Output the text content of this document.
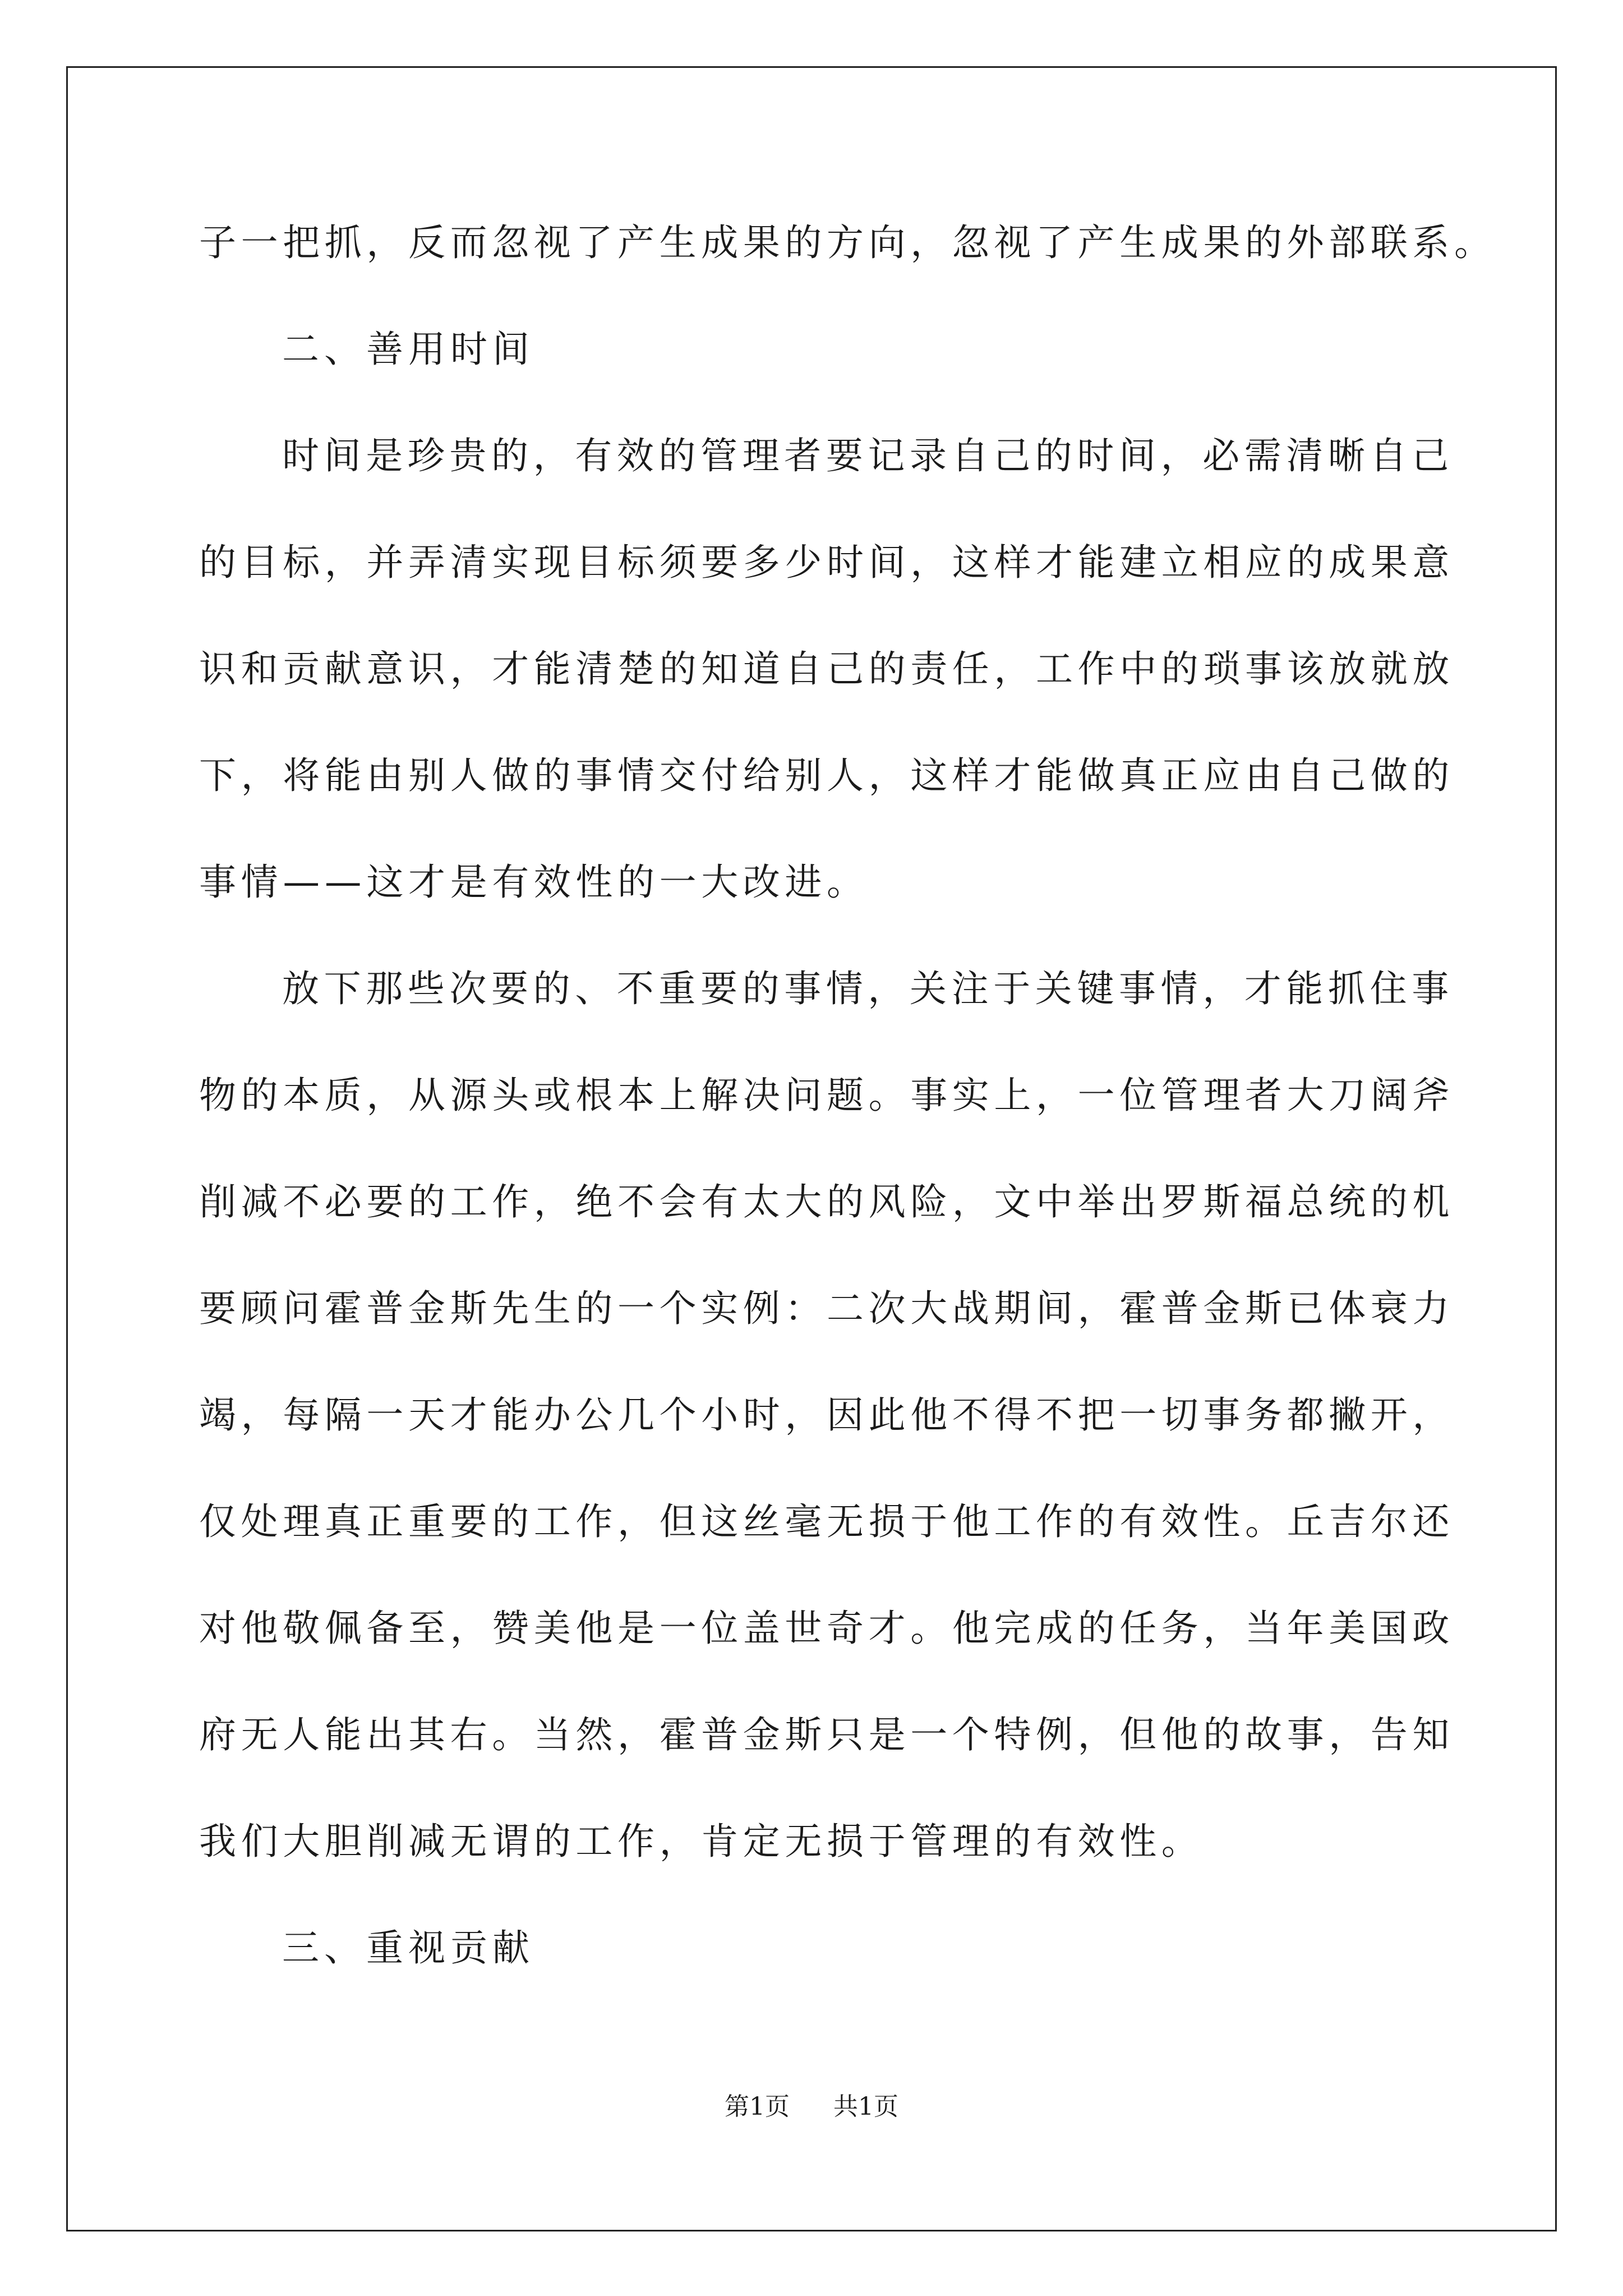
子一把抓，反而忽视了产生成果的方向，忽视了产生成果的外部联系。
二、善用时间
时间是珍贵的，有效的管理者要记录自己的时间，必需清晰自己
的目标，并弄清实现目标须要多少时间，这样才能建立相应的成果意
识和贡献意识，才能清楚的知道自己的责任，工作中的琐事该放就放
下，将能由别人做的事情交付给别人，这样才能做真正应由自己做的
事情——这才是有效性的一大改进。
放下那些次要的、不重要的事情，关注于关键事情，才能抓住事
物的本质，从源头或根本上解决问题。事实上，一位管理者大刀阔斧
削减不必要的工作，绝不会有太大的风险，文中举出罗斯福总统的机
要顾问霍普金斯先生的一个实例：二次大战期间，霍普金斯已体衰力
竭，每隔一天才能办公几个小时，因此他不得不把一切事务都撇开，
仅处理真正重要的工作，但这丝毫无损于他工作的有效性。丘吉尔还
对他敬佩备至，赞美他是一位盖世奇才。他完成的任务，当年美国政
府无人能出其右。当然，霍普金斯只是一个特例，但他的故事，告知
我们大胆削减无谓的工作，肯定无损于管理的有效性。
三、重视贡献
第1页 共1页
